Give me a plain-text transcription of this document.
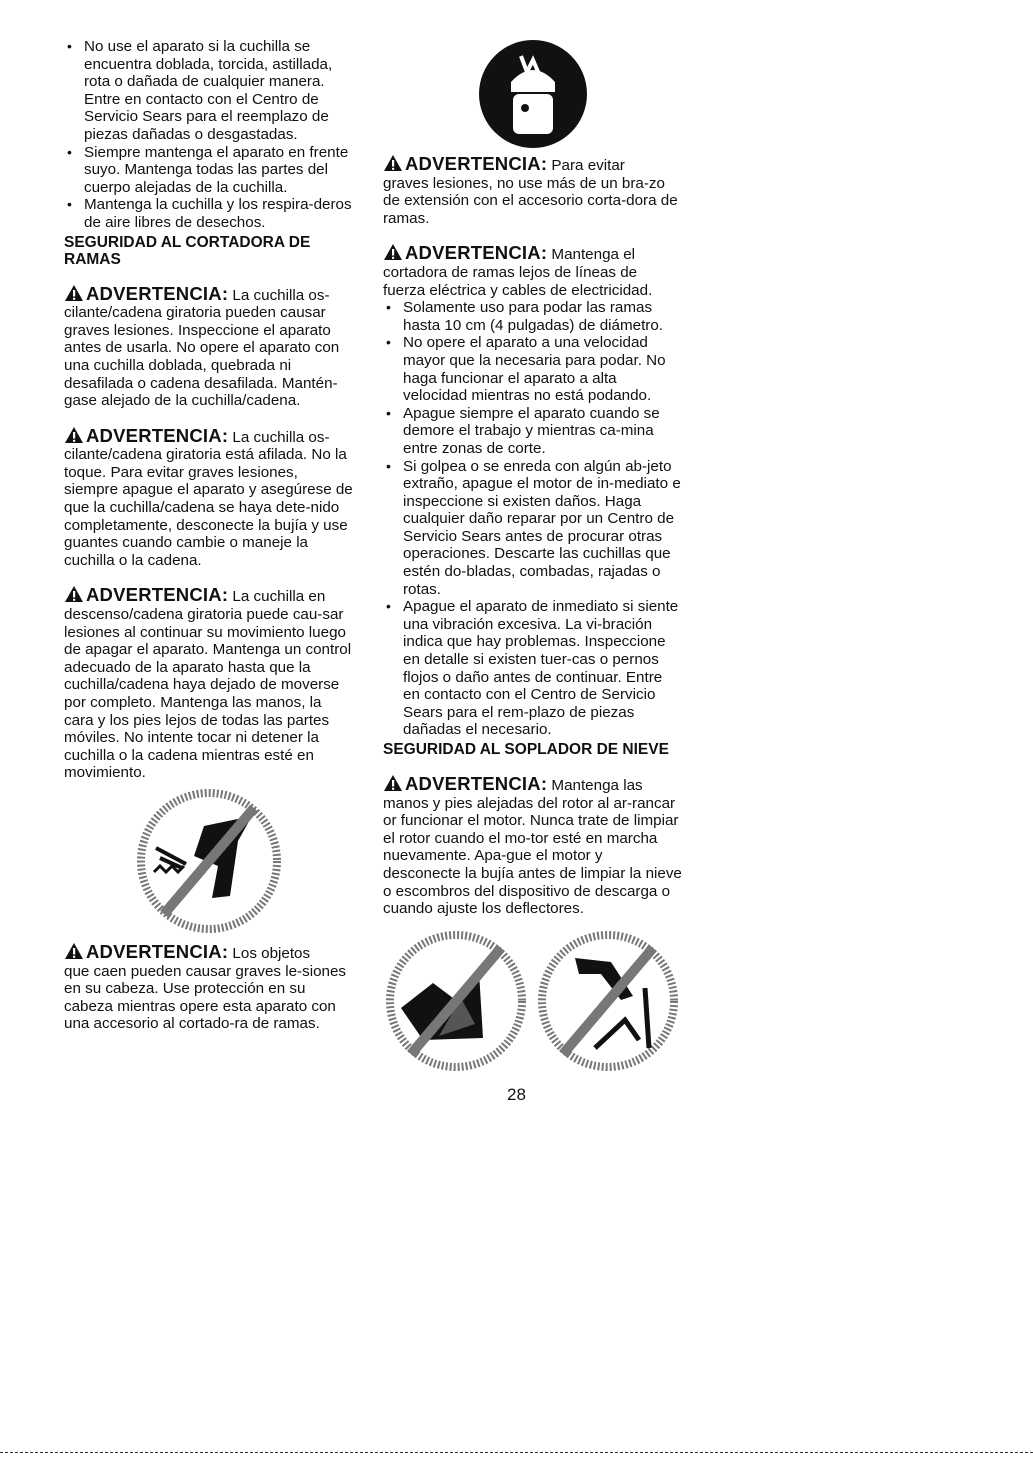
• No use el aparato si la cuchilla se encuentra doblada, torcida, astillada, rota o dañada de cualquier manera. Entre en contacto con el Centro de Servicio Sears para el reemplazo de piezas dañadas o desgastadas.
• Siempre mantenga el aparato en frente suyo. Mantenga todas las partes del cuerpo alejadas de la cuchilla.
• Mantenga la cuchilla y los respira-deros de aire libres de desechos.
SEGURIDAD AL CORTADORA DE RAMAS

ADVERTENCIA: La cuchilla os-

cilante/cadena giratoria pueden causar graves lesiones. Inspeccione el aparato antes de usarla. No opere el aparato con una cuchilla doblada, quebrada ni desafilada o cadena desafilada. Mantén-gase alejado de la cuchilla/cadena.

ADVERTENCIA: La cuchilla os-

cilante/cadena giratoria está afilada. No la toque. Para evitar graves lesiones, siempre apague el aparato y asegúrese de que la cuchilla/cadena se haya dete-nido completamente, desconecte la bujía y use guantes cuando cambie o maneje la cuchilla o la cadena.

ADVERTENCIA: La cuchilla en

descenso/cadena giratoria puede cau-sar lesiones al continuar su movimiento luego de apagar el aparato. Mantenga un control adecuado de la aparato hasta que la cuchilla/cadena haya dejado de moverse por completo. Mantenga las manos, la cara y los pies lejos de todas las partes móviles. No intente tocar ni detener la cuchilla o la cadena mientras esté en movimiento.

ADVERTENCIA: Los objetos

que caen pueden causar graves le-siones en su cabeza. Use protección en su cabeza mientras opere esta aparato con una accesorio al cortado-ra de ramas.

ADVERTENCIA: Para evitar

graves lesiones, no use más de un bra-zo de extensión con el accesorio corta-dora de ramas.

ADVERTENCIA: Mantenga el

cortadora de ramas lejos de líneas de fuerza eléctrica y cables de electricidad.

• Solamente uso para podar las ramas hasta 10 cm (4 pulgadas) de diámetro.
• No opere el aparato a una velocidad mayor que la necesaria para podar. No haga funcionar el aparato a alta velocidad mientras no está podando.
• Apague siempre el aparato cuando se demore el trabajo y mientras ca-mina entre zonas de corte.
• Si golpea o se enreda con algún ab-jeto extraño, apague el motor de in-mediato e inspeccione si existen daños. Haga cualquier daño reparar por un Centro de Servicio Sears antes de procurar otras operaciones. Descarte las cuchillas que estén do-bladas, combadas, rajadas o rotas.
• Apague el aparato de inmediato si siente una vibración excesiva. La vi-bración indica que hay problemas. Inspeccione en detalle si existen tuer-cas o pernos flojos o daño antes de continuar. Entre en contacto con el Centro de Servicio Sears para el rem-plazo de piezas dañadas el necesario.
SEGURIDAD AL SOPLADOR DE NIEVE

ADVERTENCIA: Mantenga las

manos y pies alejadas del rotor al ar-rancar or funcionar el motor. Nunca trate de limpiar el rotor cuando el mo-tor esté en marcha nuevamente. Apa-gue el motor y desconecte la bujía antes de limpiar la nieve o escombros del dispositivo de descarga o cuando ajuste los deflectores.

28
